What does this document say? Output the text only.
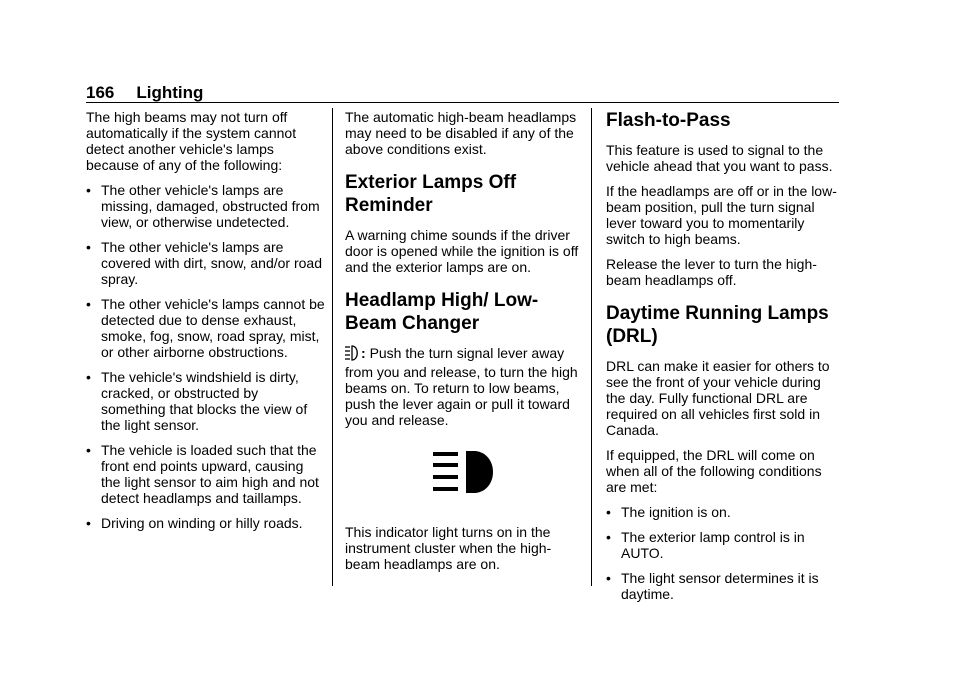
166 Lighting

The high beams may not turn off automatically if the system cannot detect another vehicle's lamps because of any of the following:

• The other vehicle's lamps are missing, damaged, obstructed from view, or otherwise undetected.
• The other vehicle's lamps are covered with dirt, snow, and/or road spray.
• The other vehicle's lamps cannot be detected due to dense exhaust, smoke, fog, snow, road spray, mist, or other airborne obstructions.
• The vehicle's windshield is dirty, cracked, or obstructed by something that blocks the view of the light sensor.
• The vehicle is loaded such that the front end points upward, causing the light sensor to aim high and not detect headlamps and taillamps.
• Driving on winding or hilly roads.

The automatic high-beam headlamps may need to be disabled if any of the above conditions exist.

Exterior Lamps Off Reminder

A warning chime sounds if the driver door is opened while the ignition is off and the exterior lamps are on.

Headlamp High/ Low-Beam Changer

: Push the turn signal lever away from you and release, to turn the high beams on. To return to low beams, push the lever again or pull it toward you and release.

This indicator light turns on in the instrument cluster when the high-beam headlamps are on.

Flash-to-Pass

This feature is used to signal to the vehicle ahead that you want to pass.

If the headlamps are off or in the low-beam position, pull the turn signal lever toward you to momentarily switch to high beams.

Release the lever to turn the high-beam headlamps off.

Daytime Running Lamps (DRL)

DRL can make it easier for others to see the front of your vehicle during the day. Fully functional DRL are required on all vehicles first sold in Canada.

If equipped, the DRL will come on when all of the following conditions are met:

• The ignition is on.
• The exterior lamp control is in AUTO.
• The light sensor determines it is daytime.
